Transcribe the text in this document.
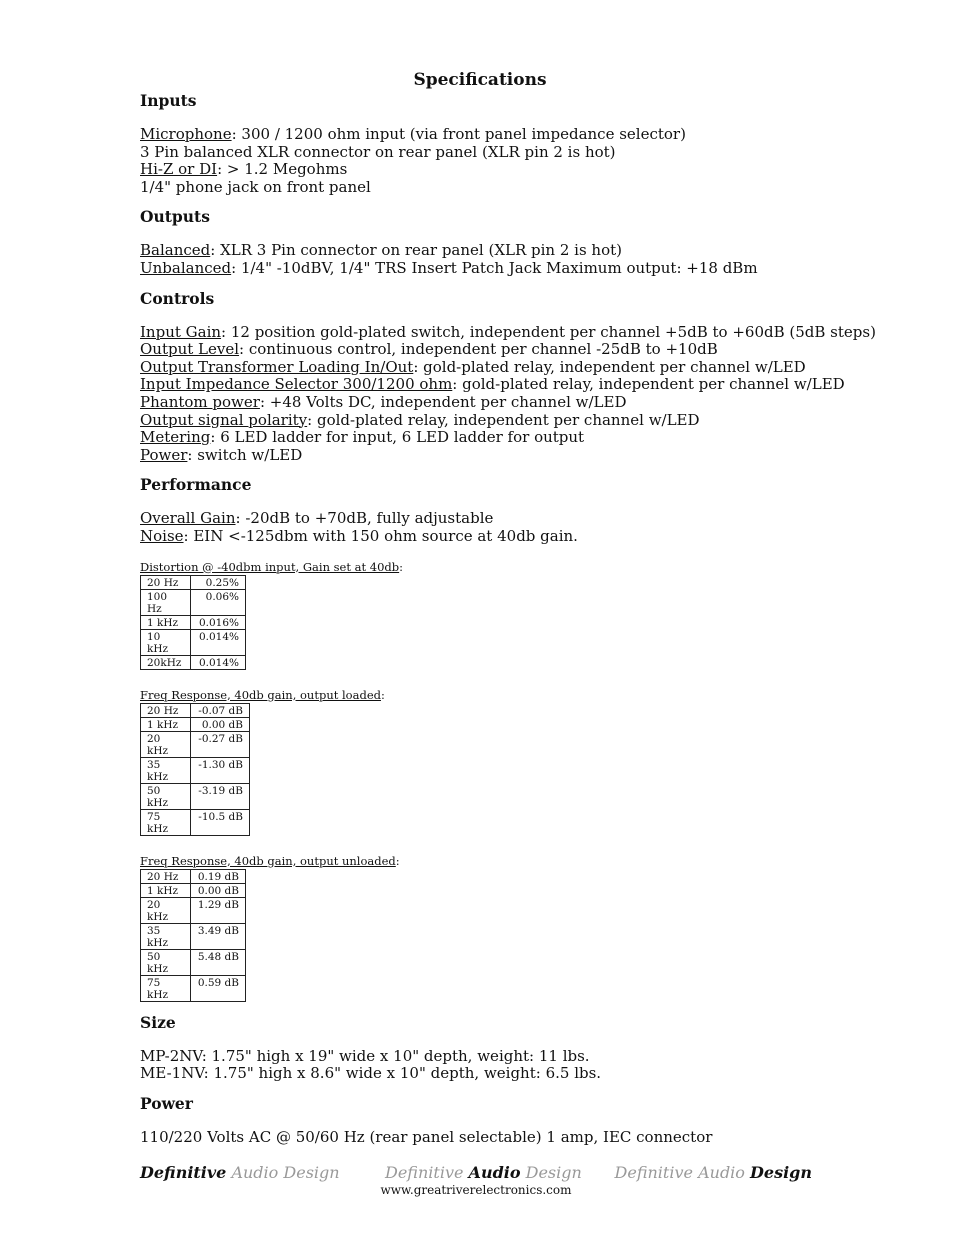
Specifications
Inputs
Microphone: 300 / 1200 ohm input (via front panel impedance selector)
3 Pin balanced XLR connector on rear panel (XLR pin 2 is hot)
Hi-Z or DI: > 1.2 Megohms
1/4" phone jack on front panel
Outputs
Balanced: XLR 3 Pin connector on rear panel (XLR pin 2 is hot)
Unbalanced: 1/4" -10dBV, 1/4" TRS Insert Patch Jack Maximum output: +18 dBm
Controls
Input Gain: 12 position gold-plated switch, independent per channel +5dB to +60dB (5dB steps)
Output Level: continuous control, independent per channel -25dB to +10dB
Output Transformer Loading In/Out: gold-plated relay, independent per channel w/LED
Input Impedance Selector 300/1200 ohm: gold-plated relay, independent per channel w/LED
Phantom power: +48 Volts DC, independent per channel w/LED
Output signal polarity: gold-plated relay, independent per channel w/LED
Metering: 6 LED ladder for input, 6 LED ladder for output
Power: switch w/LED
Performance
Overall Gain: -20dB to +70dB, fully adjustable
Noise: EIN <-125dbm with 150 ohm source at 40db gain.
Distortion @ -40dbm input, Gain set at 40db:
20 Hz	0.25%
100 Hz	0.06%
1 kHz	0.016%
10 kHz	0.014%
20kHz	0.014%
Freq Response, 40db gain, output loaded:
20 Hz	-0.07 dB
1 kHz	0.00 dB
20 kHz	-0.27 dB
35 kHz	-1.30 dB
50 kHz	-3.19 dB
75 kHz	-10.5 dB
Freq Response, 40db gain, output unloaded:
20 Hz	0.19 dB
1 kHz	0.00 dB
20 kHz	1.29 dB
35 kHz	3.49 dB
50 kHz	5.48 dB
75 kHz	0.59 dB
Size
MP-2NV: 1.75" high x 19" wide x 10" depth, weight: 11 lbs.
ME-1NV: 1.75" high x 8.6" wide x 10" depth, weight: 6.5 lbs.
Power
110/220 Volts AC @ 50/60 Hz (rear panel selectable) 1 amp, IEC connector
Definitive Audio Design	Definitive Audio Design Definitive Audio Design
www.greatriverelectronics.com
